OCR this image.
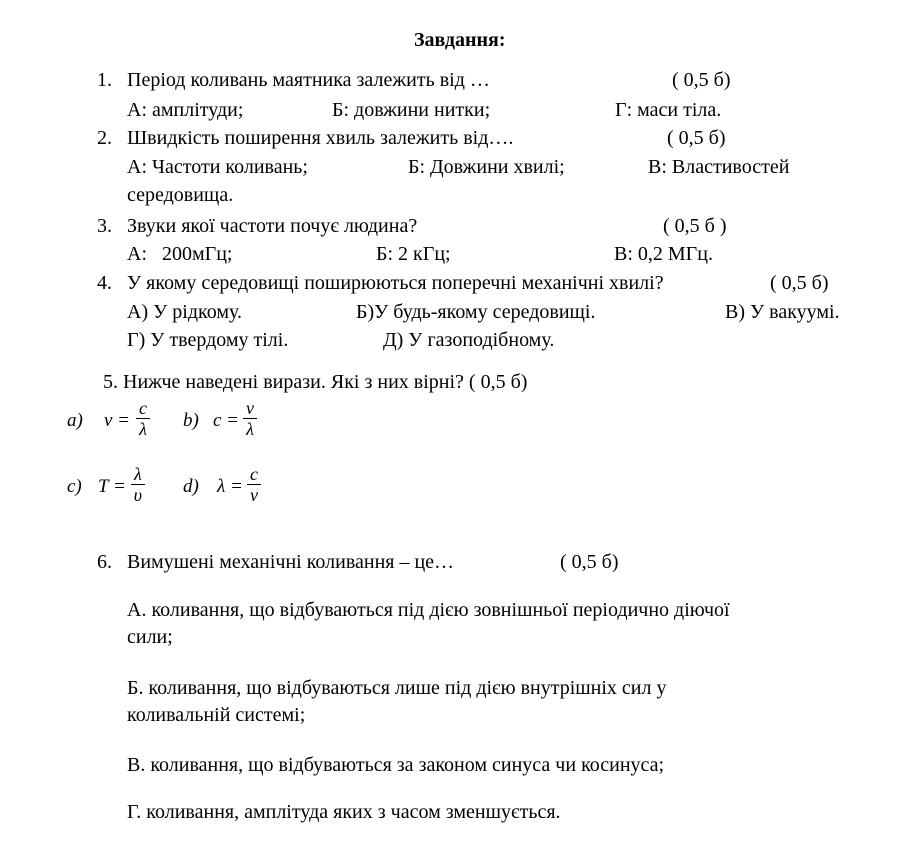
Завдання:
1. Період коливань маятника залежить від …	( 0,5 б)
А: амплітуди;	Б: довжини нитки;	Г: маси тіла.
2. Швидкість поширення хвиль залежить від….	( 0,5 б)
А: Частоти коливань;	Б: Довжини хвилі;	В: Властивостей
середовища.
3. Звуки якої частоти почує людина?	( 0,5 б )
А:   200мГц;	Б: 2 кГц;	В: 0,2 МГц.
4. У якому середовищі поширюються поперечні механічні хвилі?	( 0,5 б)
А) У рідкому.	Б)У будь-якому середовищі.	В) У вакуумі.
Г) У твердому тілі.	Д) У газоподібному.
5. Нижче наведені вирази. Які з них вірні? ( 0,5 б)
a) $\nu = \frac{c}{\lambda} b$) $c = \frac{\nu}{\lambda}$
c) $T = \frac{\lambda}{\upsilon} d$) $\lambda = \frac{c}{\nu}$
6. Вимушені механічні коливання – це…	( 0,5 б)
А. коливання, що відбуваються під дією зовнішньої періодично діючої
сили;
Б. коливання, що відбуваються лише під дією внутрішніх сил у
коливальній системі;
В. коливання, що відбуваються за законом синуса чи косинуса;
Г. коливання, амплітуда яких з часом зменшується.
